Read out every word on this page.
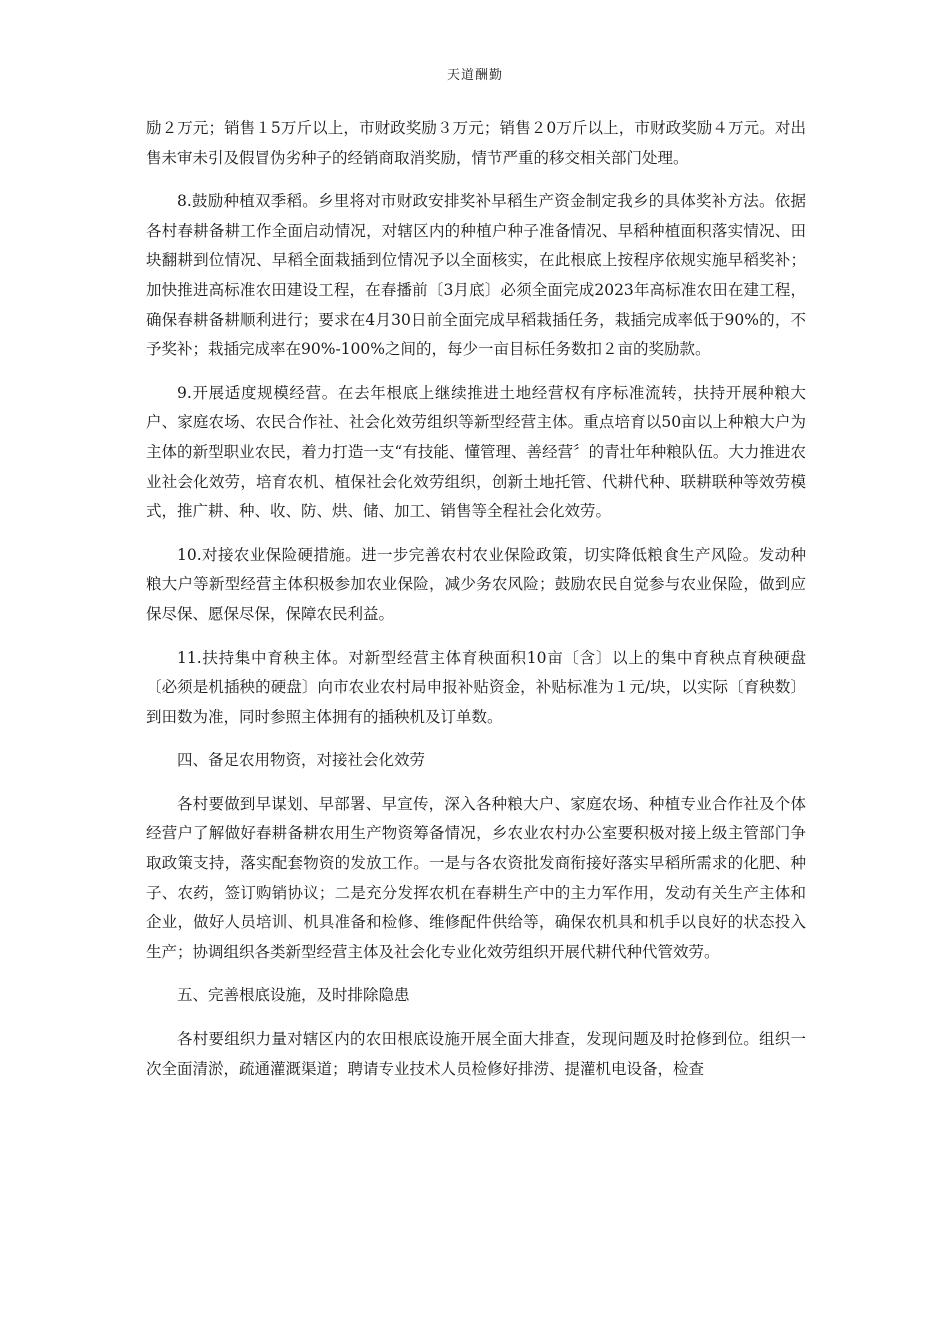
天道酬勤

励２万元；销售１5万斤以上，市财政奖励３万元；销售２0万斤以上，市财政奖励４万元。对出售未审未引及假冒伪劣种子的经销商取消奖励，情节严重的移交相关部门处理。

8.鼓励种植双季稻。乡里将对市财政安排奖补早稻生产资金制定我乡的具体奖补方法。依据各村春耕备耕工作全面启动情况，对辖区内的种植户种子准备情况、早稻种植面积落实情况、田块翻耕到位情况、早稻全面栽插到位情况予以全面核实，在此根底上按程序依规实施早稻奖补；加快推进高标准农田建设工程，在春播前〔3月底〕必须全面完成2023年高标准农田在建工程，确保春耕备耕顺利进行；要求在4月30日前全面完成早稻栽插任务，栽插完成率低于90%的，不予奖补；栽插完成率在90%-100%之间的，每少一亩目标任务数扣２亩的奖励款。

9.开展适度规模经营。在去年根底上继续推进土地经营权有序标准流转，扶持开展种粮大户、家庭农场、农民合作社、社会化效劳组织等新型经营主体。重点培育以50亩以上种粮大户为主体的新型职业农民，着力打造一支“有技能、懂管理、善经营〞的青壮年种粮队伍。大力推进农业社会化效劳，培育农机、植保社会化效劳组织，创新土地托管、代耕代种、联耕联种等效劳模式，推广耕、种、收、防、烘、储、加工、销售等全程社会化效劳。

10.对接农业保险硬措施。进一步完善农村农业保险政策，切实降低粮食生产风险。发动种粮大户等新型经营主体积极参加农业保险，减少务农风险；鼓励农民自觉参与农业保险，做到应保尽保、愿保尽保，保障农民利益。

11.扶持集中育秧主体。对新型经营主体育秧面积10亩〔含〕以上的集中育秧点育秧硬盘〔必须是机插秧的硬盘〕向市农业农村局申报补贴资金，补贴标准为１元/块，以实际〔育秧数〕到田数为准，同时参照主体拥有的插秧机及订单数。

四、备足农用物资，对接社会化效劳

各村要做到早谋划、早部署、早宣传，深入各种粮大户、家庭农场、种植专业合作社及个体经营户了解做好春耕备耕农用生产物资筹备情况，乡农业农村办公室要积极对接上级主管部门争取政策支持，落实配套物资的发放工作。一是与各农资批发商衔接好落实早稻所需求的化肥、种子、农药，签订购销协议；二是充分发挥农机在春耕生产中的主力军作用，发动有关生产主体和企业，做好人员培训、机具准备和检修、维修配件供给等，确保农机具和机手以良好的状态投入生产；协调组织各类新型经营主体及社会化专业化效劳组织开展代耕代种代管效劳。

五、完善根底设施，及时排除隐患

各村要组织力量对辖区内的农田根底设施开展全面大排查，发现问题及时抢修到位。组织一次全面清淤，疏通灌溉渠道；聘请专业技术人员检修好排涝、提灌机电设备，检查
